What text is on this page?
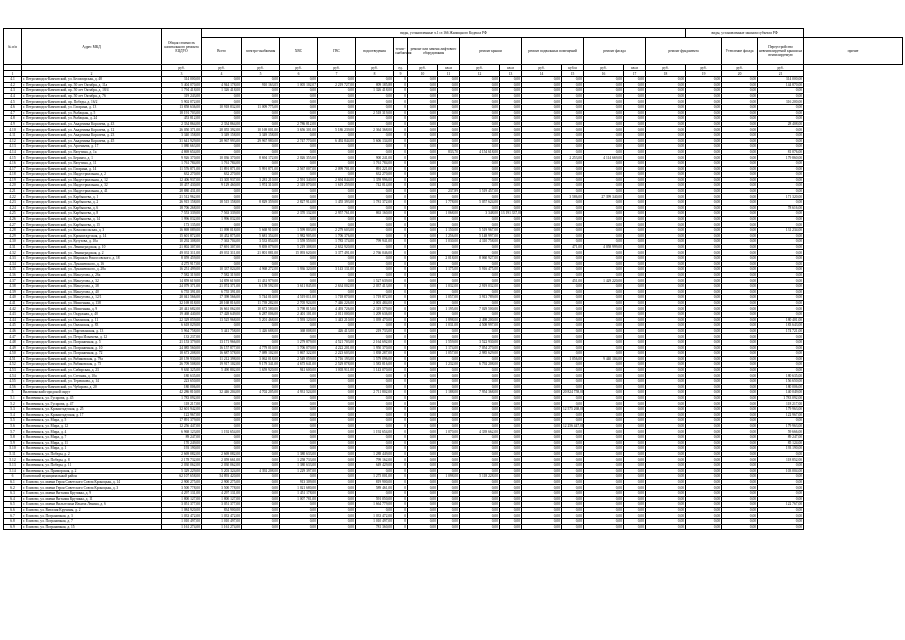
№ п/п	Адрес МКД	Общая стоимость капитального ремонта ЕЦДУО	виды, установленные ч.1 ст.166 Жилищного Кодекса РФ															виды, установленные законом субъекта РФ			
			Всего	электро-снабжения	ХВС	ГВС	водоотведения	тепло-снабжения	ремонт или замена лифтового оборудования		ремонт крыши		ремонт подвальных помещений		ремонт фасада		ремонт фундамента		Утепление фасада	Переустройство невентилируемой крыши на вентилируемую	прочие
		руб.	руб.	руб.	руб.	руб.	руб.	ед.	руб.	кв.м	руб.	кв.м	руб.	куб.м	руб.	кв.м	руб.	руб.	руб.	руб.	
1	2	3	4	5	6	7	8	9	10	11	12	13	14	15	16	17	18	19	20	21	
4.1	г. Петрозаводск-Камчатский, ул. Беломорская, д. 48	314 000,00	0,00	0,00	0,00	0,00	0,00	0	0,00	0,00	0,00	0,00	0,00	0,00	0,00	0,00	0,00	0,00	0,00	314 000,00	
4.2	г. Петрозаводск-Камчатский, пр. 50 лет Октября, д. 11а	5 404 070,00	4 944 178,00	910 163,05	1 005 102,07	2 219 727,00	809 185,88	0	0,00	0,00	0,00	0,00	0,00	0,00	0,00	0,00	0,00	0,00	0,00	144 870,00	
4.3	г. Петрозаводск-Камчатский, пр. 50 лет Октября, д. 18/4	1 794 418,00	1 326 418,00	0,00	0,00	0,00	1 326 418,00	0	0,00	0,00	0,00	0,00	0,00	0,00	0,00	0,00	0,00	0,00	0,00	0,00	
4.4	г. Петрозаводск-Камчатский, пр. 50 лет Октября, д. 76	319 243,00	0,00	0,00	0,00	0,00	0,00	0	0,00	0,00	0,00	0,00	0,00	0,00	0,00	0,00	0,00	0,00	0,00	0,00	
4.5	г. Петрозаводск-Камчатский, пр. Победы, д. 16/2	5 902 072,00	0,00	0,00	0,00	0,00	0,00	0	0,00	0,00	0,00	0,00	0,00	0,00	0,00	0,00	0,00	0,00	0,00	316 200,00	
4.6	г. Петрозаводск-Камчатский, ул. Гагарина, д. 13	13 858 636,00	10 918 832,00	11 009 775,00	0,00	0,00	0,00	0	0,00	0,00	0,00	0,00	0,00	0,00	0,00	0,00	0,00	0,00	0,00	0,00	
4.7	г. Петрозаводск-Камчатский, ул. Рыбацкая, д. 5	18 191 703,00	0,00	0,00	0,00	0,00	2 518 319,00	0	0,00	0,00	0,00	0,00	0,00	0,00	0,00	0,00	0,00	0,00	0,00	0,00	
4.8	г. Петрозаводск-Камчатский, ул. Рыбацкая, д. 24	453 812,00	0,00	0,00	0,00	0,00	0,00	0	0,00	0,00	0,00	0,00	0,00	0,00	0,00	0,00	0,00	0,00	0,00	0,00	
4.9	г. Петрозаводск-Камчатский, ул. Академика Королева, д. 43	2 334 864,00	2 334 864,00	0,00	2 786 812,00	0,00	0,00	0	0,00	0,00	0,00	0,00	0,00	0,00	0,00	0,00	0,00	0,00	0,00	28 408,00	
4.10	г. Петрозаводск-Камчатский, ул. Академика Королева, д. 12	26 050 371,00	28 055 392,00	10 169 001,00	3 656 301,00	5 186 239,00	2 364 368,00	0	0,00	0,00	0,00	0,00	0,00	0,00	0,00	0,00	0,00	0,00	0,00	0,00	
4.11	г. Петрозаводск-Камчатский, ул. Академика Королева, д. 23	3 340 158,00	3 349 158,00	3 349 158,00	0,00	0,00	0,00	0	0,00	0,00	0,00	0,00	0,00	0,00	0,00	0,00	0,00	0,00	0,00	0,00	
4.12	г. Петрозаводск-Камчатский, ул. Академика Королева, д. 45	31 641 929,00	28 967 993,00	29 967 980,00	2 747 770,00	6 492 844,00	5 606 134,00	0	0,00	0,00	0,00	0,00	0,00	0,00	0,00	0,00	0,00	0,00	0,00	0,00	
4.13	г. Петрозаводск-Камчатский, ул. Арсеньева, д. 17	1 080 663,00	0,00	0,00	0,00	0,00	0,00	0	0,00	0,00	0,00	0,00	0,00	0,00	0,00	0,00	0,00	0,00	0,00	0,00	
4.14	г. Петрозаводск-Камчатский, ул. Ватутина, д. 1а	4 869 654,00	0,00	0,00	0,00	0,00	0,00	0	0,00	833,70	4 154 618,00	0,00	0,00	0,00	0,00	0,00	0,00	0,00	0,00	81 076,00	
4.15	г. Петрозаводск-Камчатский, ул. Беринга, д. 1	9 926 370,00	10 036 370,00	8 694 172,00	2 026 355,00	0,00	900 241,00	0	0,00	0,00	0,00	0,00	0,00	2 253,00	4 114 669,00	0,00	0,00	0,00	0,00	179 860,00	
4.16	г. Петрозаводск-Камчатский, ул. Ватутина, д. 11	1 761 784,00	1 761 784,00	0,00	0,00	0,00	1 761 784,00	0	0,00	0,00	0,00	0,00	0,00	0,00	0,00	0,00	0,00	0,00	0,00	0,00	
4.17	г. Петрозаводск-Камчатский, ул. Гагарина, д. 14	11 576 871,00	11 891 871,00	5 991 871,00	2 567 007,00	2 099 701,00	891 221,00	0	0,00	0,00	0,00	0,00	0,00	0,00	0,00	0,00	0,00	0,00	0,00	0,00	
4.18	г. Петрозаводск-Камчатский, ул. Индустриальная, д. 2	632 270,00	632 270,00	0,00	0,00	0,00	632 270,00	0	0,00	0,00	0,00	0,00	0,00	0,00	0,00	0,00	0,00	0,00	0,00	0,00	
4.19	г. Петрозаводск-Камчатский, ул. Индустриальная, д. 12	12 406 937,00	13 305 937,00	3 281 210,00	2 591 340,00	2 694 844,00	1 359 996,00	0	0,00	0,00	0,00	0,00	0,00	0,00	0,00	0,00	0,00	0,00	0,00	0,00	
4.20	г. Петрозаводск-Камчатский, ул. Индустриальная, д. 32	10 457 430,00	9 129 460,00	1 974 310,00	2 318 070,00	1 619 259,00	742 814,00	0	0,00	0,00	0,00	0,00	0,00	0,00	0,00	0,00	0,00	0,00	0,00	0,00	
4.21	г. Петрозаводск-Камчатский, ул. Индустриальная, д. 41	28 880 431,00	0,00	0,00	0,00	0,00	0,00	0	0,00	237,89	1 519 457,00	0,00	0,00	0,00	0,00	0,00	0,00	0,00	0,00	0,00	
4.22	г. Петрозаводск-Камчатский, ул. Карбышева, д. 1	21 512 962,00	0,00	0,00	0,00	0,00	0,00	0	0,00	0,00	0,00	0,00	0,00	3 586,00	27 399 340,00	0,00	0,00	0,00	0,00	171 320,00	
4.23	г. Петрозаводск-Камчатский, ул. Карбышева, д. 2	26 915 158,00	18 515 158,00	8 829 359,00	2 827 914,00	1 455 393,00	1 781 372,00	0	0,00	1 778,00	5 057 624,00	0,00	0,00	0,00	0,00	0,00	0,00	0,00	0,00	0,00	
4.24	г. Петрозаводск-Камчатский, ул. Карбышева, д. 6	18 706 268,00	0,00	0,00	0,00	0,00	0,00	0	0,00	0,00	0,00	0,00	0,00	0,00	0,00	0,00	0,00	0,00	0,00	78 616,00	
4.25	г. Петрозаводск-Камчатский, ул. Карбышева, д. 8	7 553 339,00	7 563 339,00	0,00	2 370 132,00	2 957 761,00	863 160,00	0	0,00	1 068,00	3 348,00	13 191 337,00	0,00	0,00	0,00	0,00	0,00	0,00	0,00	0,00	
4.26	г. Петрозаводск-Камчатский, ул. Карбышева, д. 14	1 996 032,00	1 996 032,00	0,00	0,00	0,00	0,00	0	0,00	0,00	0,00	0,00	0,00	0,00	0,00	0,00	0,00	0,00	0,00	0,00	
4.27	г. Петрозаводск-Камчатский, ул. Карбышева, д. 15	173 135,00	0,00	0,00	0,00	0,00	0,00	0	0,00	0,00	0,00	0,00	0,00	0,00	0,00	0,00	0,00	0,00	0,00	0,00	
4.28	г. Петрозаводск-Камчатский, ул. Комсомольская, д. 3	16 869 089,00	11 098 018,00	5 668 910,00	1 599 803,00	2 279 603,00	0,00	0	0,00	1 150,00	5 519 967,00	0,00	0,00	0,00	0,00	0,00	0,00	0,00	0,00	131 234,00	
4.29	г. Петрозаводск-Камчатский, ул. Кронштадтская, д. 14	15 601 872,00	10 452 875,00	5 681 354,00	1 982 905,00	1 706 376,00	0,00	0	0,00	1 256,00	5 148 997,00	0,00	0,00	0,00	0,00	0,00	0,00	0,00	0,00	0,00	
4.30	г. Петрозаводск-Камчатский, ул. Кутузова, д. 10а	10 292 308,00	7 363 704,00	3 533 854,00	1 559 559,00	1 783 174,00	799 941,00	0	0,00	1 030,00	4 310 758,00	0,00	0,00	0,00	0,00	0,00	0,00	0,00	0,00	0,00	
4.31	г. Петрозаводск-Камчатский, ул. Ленинградская, д. 10	21 802 307,00	17 691 307,00	9 839 079,00	5 219 308,00	2 632 920,00	0,00	0	0,00	0,00	0,00	0,00	0,00	471,00	4 058 999,00	0,00	0,00	0,00	0,00	0,00	
4.32	г. Петрозаводск-Камчатский, ул. Ленинградская, д. 2	49 031 311,00	49 031 311,00	21 801 881,00	15 093 620,00	3 377 491,00	2 766 046,00	0	0,00	0,00	0,00	0,00	0,00	0,00	0,00	0,00	0,00	0,00	0,00	0,00	
4.33	г. Петрозаводск-Камчатский, ул. Маршала Рокоссовского, д. 18	8 059 459,00	0,00	0,00	0,00	0,00	0,00	0	0,00	2 018,00	8 060 927,00	0,00	0,00	0,00	0,00	0,00	0,00	0,00	0,00	0,00	
4.34	г. Петрозаводск-Камчатский, ул. Лукашевского, д. 16	4 275 917,00	0,00	0,00	0,00	0,00	0,00	0	0,00	0,00	0,00	0,00	0,00	0,00	0,00	0,00	0,00	0,00	0,00	0,00	
4.35	г. Петрозаводск-Камчатский, ул. Лукашевского, д. 28а	16 251 499,00	10 337 024,00	4 968 272,00	1 936 320,00	3 143 131,00	0,00	0	0,00	1 175,00	5 916 475,00	0,00	0,00	0,00	0,00	0,00	0,00	0,00	0,00	0,00	
4.36	г. Петрозаводск-Камчатский, ул. Максутова, д. 26а	7 582 319,00	7 582 319,00	0,00	0,00	0,00	0,00	0	0,00	0,00	0,00	0,00	0,00	0,00	0,00	0,00	0,00	0,00	0,00	0,00	
4.37	г. Петрозаводск-Камчатский, ул. Максутова, д. 32	14 859 619,00	14 859 619,00	11 431 979,00	0,00	0,00	1 527 639,00	0	0,00	0,00	0,00	0,00	0,00	451,00	1 429 220,00	0,00	0,00	0,00	0,00	0,00	
4.38	г. Петрозаводск-Камчатский, ул. Максутова, д. 38	24 079 371,00	21 074 371,00	6 159 592,00	3 611 845,00	2 634 002,00	2 037 413,00	0	0,00	1 032,00	2 919 032,00	0,00	0,00	0,00	0,00	0,00	0,00	0,00	0,00	0,00	
4.39	г. Петрозаводск-Камчатский, ул. Максутова, д. 40	6 755 391,00	6 755 391,00	0,00	0,00	0,00	0,00	0	0,00	0,00	0,00	0,00	0,00	0,00	0,00	0,00	0,00	0,00	0,00	0,00	
4.40	г. Петрозаводск-Камчатский, ул. Максутова, д. 12/1	20 041 566,00	17 398 566,00	5 744 010,00	4 519 011,00	1 718 870,00	1 719 872,00	0	0,00	1 057,00	3 913 789,00	0,00	0,00	0,00	0,00	0,00	0,00	0,00	0,00	0,00	
4.41	г. Петрозаводск-Камчатский, ул. Мишенная, д. 138	32 169 018,00	28 168 816,00	11 739 282,00	2 705 924,00	7 446 226,00	2 003 484,00	0	0,00	0,00	0,00	0,00	0,00	0,00	0,00	0,00	0,00	0,00	0,00	0,00	
4.42	г. Петрозаводск-Камчатский, ул. Мишенная, д. 9	20 441 682,00	16 661 062,00	10 673 580,00	3 798 815,00	4 493 726,00	2 319 579,00	0	0,00	1 195,00	7 029 500,00	0,00	0,00	0,00	0,00	0,00	0,00	0,00	0,00	0,00	
4.43	г. Петрозаводск-Камчатский, ул. Окружная, д. 40	19 468 440,00	17 428 649,00	6 287 006,00	2 401 101,00	2 011 000,00	1 209 636,00	0	0,00	0,00	0,00	0,00	0,00	0,00	0,00	0,00	0,00	0,00	0,00	0,00	
4.44	г. Петрозаводск-Камчатский, ул. Океанская, д. 11	22 329 059,00	13 525 968,00	5 201 468,00	1 593 120,00	1 443 210,00	1 039 470,00	0	0,00	1 898,00	2 498 200,00	0,00	0,00	0,00	0,00	0,00	0,00	0,00	0,00	180 401,00	
4.45	г. Петрозаводск-Камчатский, ул. Океанская, д. 83	6 618 029,00	0,00	0,00	0,00	0,00	0,00	0	0,00	1 031,00	4 508 997,00	0,00	0,00	0,00	0,00	0,00	0,00	0,00	0,00	183 643,00	
4.46	г. Петрозаводск-Камчатский, ул. Партизанская, д. 13	5 964 758,00	5 441 758,00	1 426 688,00	368 008,00	426 413,00	219 733,00	0	0,00	0,00	0,00	0,00	0,00	0,00	0,00	0,00	0,00	0,00	0,00	174 721,00	
4.47	г. Петрозаводск-Камчатский, ул. Петра Ильичева, д. 12	133 237,00	0,00	0,00	0,00	0,00	0,00	0	0,00	0,00	0,00	0,00	0,00	0,00	0,00	0,00	0,00	0,00	0,00	0,00	
4.48	г. Петрозаводск-Камчатский, ул. Пограничная, д. 5	21 153 379,00	13 171 966,00	0,00	1 279 879,00	4 521 703,00	2 164 692,00	0	0,00	1 559,00	3 522 930,00	0,00	0,00	0,00	0,00	0,00	0,00	0,00	0,00	0,00	
4.49	г. Петрозаводск-Камчатский, ул. Пограничная, д. 10	24 085 560,00	16 157 877,00	4 779 010,00	1 706 070,00	4 222 201,00	1 950 370,00	0	0,00	1 174,00	7 054 270,00	0,00	0,00	0,00	0,00	0,00	0,00	0,00	0,00	0,00	
4.50	г. Петрозаводск-Камчатский, ул. Пограничная, д. 72	18 673 208,00	16 687 578,00	7 089 102,00	1 867 322,00	2 223 603,00	1 838 287,00	0	0,00	1 057,00	2 985 629,00	0,00	0,00	0,00	0,00	0,00	0,00	0,00	0,00	0,00	
4.51	г. Петрозаводск-Камчатский, ул. Рябиковская, д. 79а	20 159 930,00	11 212 398,00	3 062 018,00	2 549 059,00	3 716 193,00	1 579 096,00	0	0,00	0,00	0,00	0,00	0,00	1 056,00	9 440 104,00	0,00	0,00	0,00	0,00	0,00	
4.52	г. Петрозаводск-Камчатский, ул. Рябиковская, д. 75	26 709 508,00	19 917 102,00	9 179 341,00	4 675 641,00	2 529 878,00	1 583 816,00	0	0,00	1 232,00	6 792 208,00	0,00	0,00	0,00	0,00	0,00	0,00	0,00	0,00	0,00	
4.53	г. Петрозаводск-Камчатский, ул. Сибирская, д. 23	9 630 325,00	5 490 802,00	1 659 920,00	941 600,00	1 003 911,00	1 143 070,00	0	0,00	0,00	0,00	0,00	0,00	0,00	0,00	0,00	0,00	0,00	0,00	0,00	
4.54	г. Петрозаводск-Камчатский, ул. Степная, д. 10а	180 635,00	0,00	0,00	0,00	0,00	0,00	0	0,00	0,00	0,00	0,00	0,00	0,00	0,00	0,00	0,00	0,00	0,00	180 635,00	
4.55	г. Петрозаводск-Камчатский, ул. Терешкова, д. 14	223 650,00	0,00	0,00	0,00	0,00	0,00	0	0,00	0,00	0,00	0,00	0,00	0,00	0,00	0,00	0,00	0,00	0,00	156 650,00	
4.56	г. Петрозаводск-Камчатский, ул. Чубарова, д. 20	180 006,00	0,00	0,00	0,00	0,00	0,00	0	0,00	0,00	0,00	0,00	0,00	0,00	0,00	0,00	0,00	0,00	0,00	180 006,00	
5	Вилючинский городской округ	42 286 810,00	32 446 204,00	4 702 205,00	4 931 524,00	0,00	2 711 802,00	0	0,00	1 188,00	7 954 368,00	0,00	0,00	20 824 758,00	0,00	0,00	0,00	0,00	0,00	140 049,00	
5.1	г. Вилючинск, ул. Гусарова, д. 45	1 783 092,00	0,00	0,00	0,00	0,00	0,00	0	0,00	0,00	0,00	0,00	0,00	0,00	0,00	0,00	0,00	0,00	0,00	1 783 092,00	
5.2	г. Вилючинск, ул. Гусарова, д. 47	118 217,00	0,00	0,00	0,00	0,00	0,00	0	0,00	0,00	0,00	0,00	0,00	0,00	0,00	0,00	0,00	0,00	0,00	118 217,00	
5.3	г. Вилючинск, ул. Кронштадтская, д. 25	32 601 942,00	0,00	0,00	0,00	0,00	0,00	0	0,00	0,00	0,00	0,00	0,00	12 575 268,00	0,00	0,00	0,00	0,00	0,00	179 963,00	
5.4	г. Вилючинск, ул. Кронштадтская, д. 17	122 967,00	0,00	0,00	0,00	0,00	0,00	0	0,00	0,00	0,00	0,00	0,00	0,00	0,00	0,00	0,00	0,00	0,00	122 967,00	
5.5	г. Вилючинск, ул. Мира, д. 5	17 891 379,00	0,00	0,00	0,00	0,00	0,00	0	0,00	0,00	0,00	0,00	0,00	0,00	0,00	0,00	0,00	0,00	0,00	0,00	
5.6	г. Вилючинск, ул. Мира, д. 12	12 256 447,00	0,00	0,00	0,00	0,00	0,00	0	0,00	0,00	0,00	0,00	0,00	12 256 447,00	0,00	0,00	0,00	0,00	0,00	179 963,00	
5.7	г. Вилючинск, ул. Мира, д. 4	6 968 123,00	1 192 654,00	0,00	0,00	0,00	1 192 654,00	0	0,00	1 070,00	4 339 662,00	0,00	0,00	0,00	0,00	0,00	0,00	0,00	0,00	59 666,00	
5.8	г. Вилючинск, ул. Мира, д. 7	89 247,00	0,00	0,00	0,00	0,00	0,00	0	0,00	0,00	0,00	0,00	0,00	0,00	0,00	0,00	0,00	0,00	0,00	89 247,00	
5.9	г. Вилючинск, ул. Мира, д. 11	170 249,00	0,00	0,00	0,00	0,00	0,00	0	0,00	0,00	0,00	0,00	0,00	0,00	0,00	0,00	0,00	0,00	0,00	85 124,00	
5.10	г. Вилючинск, ул. Мира, д. 1	193 190,00	0,00	0,00	0,00	0,00	0,00	0	0,00	0,00	0,00	0,00	0,00	0,00	0,00	0,00	0,00	0,00	0,00	193 190,00	
5.11	г. Вилючинск, ул. Победы, д. 2	2 669 082,00	2 669 082,00	0,00	1 380 633,00	0,00	1 288 449,00	0	0,00	0,00	0,00	0,00	0,00	0,00	0,00	0,00	0,00	0,00	0,00	0,00	
5.12	г. Вилючинск, ул. Победы, д. 8	2 178 732,00	2 059 661,00	0,00	1 258 733,00	0,00	799 162,00	0	0,00	0,00	0,00	0,00	0,00	0,00	0,00	0,00	0,00	0,00	0,00	118 852,00	
5.13	г. Вилючинск, ул. Победы, д. 11	2 030 062,00	2 030 062,00	0,00	1 380 633,00	0,00	649 429,00	0	0,00	0,00	0,00	0,00	0,00	0,00	0,00	0,00	0,00	0,00	0,00	0,00	
5.14	г. Вилючинск, ул. Приморская, д. 2	5 329 229,00	5 203 324,00	4 392 208,00	1 229 397,00	0,00	0,00	0	0,00	0,00	0,00	0,00	0,00	0,00	0,00	0,00	0,00	0,00	0,00	103 004,00	
6	Елизовский муниципальный район	62 107 658,00	54 893 420,00	0,00	0,00	0,00	1 275 001,00	0	0,00	1 098,00	5 118 228,00	0,00	0,00	0,00	0,00	0,00	0,00	0,00	0,00	0,00	
6.1	г. Елизово, ул. имени Героя Советского Союза Кроноцкая, д. 14	2 900 275,00	2 900 275,00	0,00	913 309,00	0,00	819 900,00	0	0,00	0,00	0,00	0,00	0,00	0,00	0,00	0,00	0,00	0,00	0,00	0,00	
6.2	г. Елизово, ул. имени Героя Советского Союза Кроноцкая, д. 3	3 500 778,00	3 500 778,00	0,00	1 021 680,00	0,00	589 461,00	0	0,00	0,00	0,00	0,00	0,00	0,00	0,00	0,00	0,00	0,00	0,00	0,00	
6.3	г. Елизово, ул. имени Виталия Кручины, д. 9	4 297 131,00	4 297 131,00	0,00	1 451 178,00	0,00	0,00	0	0,00	0,00	0,00	0,00	0,00	0,00	0,00	0,00	0,00	0,00	0,00	0,00	
6.4	г. Елизово, ул. имени Виталия Кручины, д. 11	1 800 127,00	1 800 127,00	0,00	1 007 781,00	0,00	591 050,00	0	0,00	0,00	0,00	0,00	0,00	0,00	0,00	0,00	0,00	0,00	0,00	0,00	
6.5	г. Елизово, ул. имени Вильгельма Ильича Ленина, д. 6	3 051 377,00	3 051 377,00	0,00	0,00	0,00	1 664 779,00	0	0,00	0,00	0,00	0,00	0,00	0,00	0,00	0,00	0,00	0,00	0,00	122 767,00	
6.6	г. Елизово, ул. Виталия Кручины, д. 2	1 084 920,00	834 900,00	0,00	0,00	0,00	0,00	0	0,00	0,00	0,00	0,00	0,00	0,00	0,00	0,00	0,00	0,00	0,00	0,00	
6.7	г. Елизово, ул. Пограничная, д. 3	1 033 472,00	1 033 472,00	0,00	0,00	0,00	1 033 472,00	0	0,00	0,00	0,00	0,00	0,00	0,00	0,00	0,00	0,00	0,00	0,00	0,00	
6.8	г. Елизово, ул. Пограничная, д. 7	1 010 497,00	1 010 497,00	0,00	0,00	0,00	1 010 497,00	0	0,00	0,00	0,00	0,00	0,00	0,00	0,00	0,00	0,00	0,00	0,00	0,00	
6.9	г. Елизово, ул. Пограничная, д. 15	1 161 274,00	1 161 274,00	0,00	0,00	0,00	781 360,00	0	0,00	0,00	0,00	0,00	0,00	0,00	0,00	0,00	0,00	0,00	0,00	0,00	
